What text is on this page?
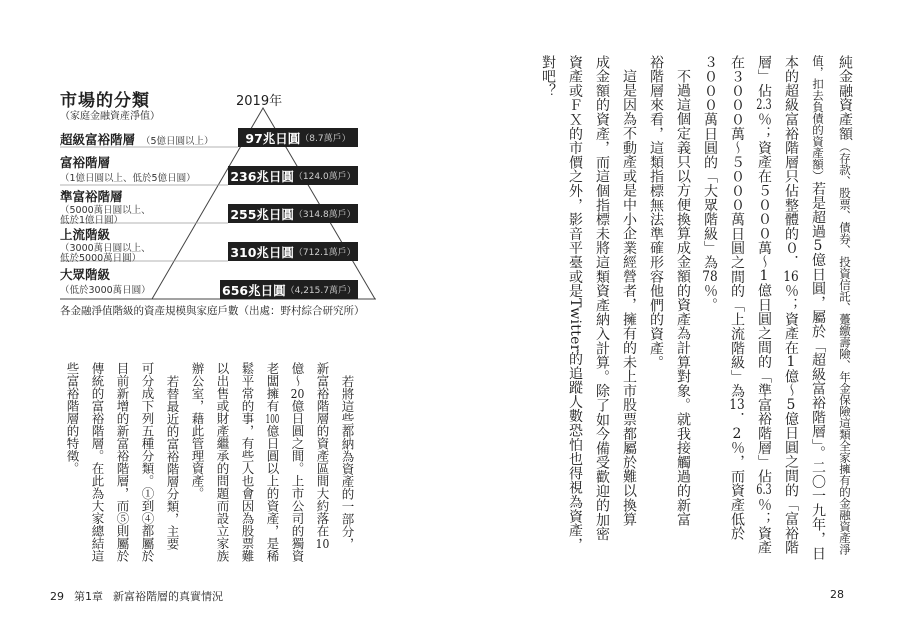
市場的分類
（家庭金融資產淨值）
2019年
超級富裕階層 （5億日圓以上）	97兆日圓 （8.7萬戶）
富裕階層
（1億日圓以上、低於5億日圓）	236兆日圓 （124.0萬戶）
準富裕階層
（5000萬日圓以上、
低於1億日圓）	255兆日圓 （314.8萬戶）
上流階級
（3000萬日圓以上、
低於5000萬日圓）	310兆日圓 （712.1萬戶）
大眾階級
（低於3000萬日圓）	656兆日圓 （4,215.7萬戶）
各金融淨值階級的資產規模與家庭戶數（出處：野村綜合研究所）
若將這些都納為資產的一部分，
新富裕階層的資產區間大約落在10
億～20億日圓之間。上市公司的獨資
老闆擁有100億日圓以上的資產，是稀
鬆平常的事，有些人也會因為股票難
以出售或財產繼承的問題而設立家族
辦公室，藉此管理資產。
若替最近的富裕階層分類，主要
可分成下列五種分類。①到④都屬於
目前新增的新富裕階層，而⑤則屬於
傳統的富裕階層。在此為大家總結這
些富裕階層的特徵。
純金融資產額（存款、股票、債券、投資信託、躉繳壽險、年金保險這類全家擁有的金融資產淨
值，扣去負債的資產額）若是超過5億日圓，屬於「超級富裕階層」。二〇一九年，日
本的超級富裕階層只佔整體的０．16％；資產在1億～5億日圓之間的「富裕階
層」佔2.3％；資產在５０００萬～1億日圓之間的「準富裕階層」佔6.3％；資產
在３０００萬～５０００萬日圓之間的「上流階級」為13．2％，而資產低於
３０００萬日圓的「大眾階級」為78％。
不過這個定義只以方便換算成金額的資產為計算對象。就我接觸過的新富
裕階層來看，這類指標無法準確形容他們的資產。
這是因為不動產或是中小企業經營者，擁有的未上市股票都屬於難以換算
成金額的資產，而這個指標未將這類資產納入計算。除了如今備受歡迎的加密
資產或ＦＸ的市價之外，影音平臺或是Twitter的追蹤人數恐怕也得視為資產，
對吧？
29 第1章 新富裕階層的真實情況	28
